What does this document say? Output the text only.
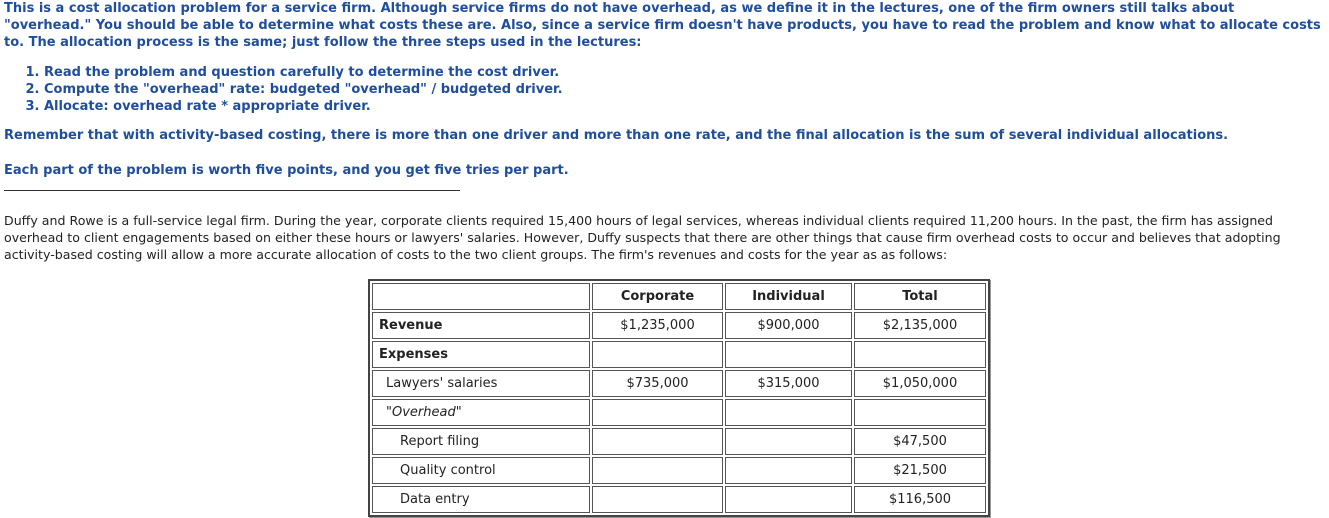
This is a cost allocation problem for a service firm. Although service firms do not have overhead, as we define it in the lectures, one of the firm owners still talks about "overhead." You should be able to determine what costs these are. Also, since a service firm doesn't have products, you have to read the problem and know what to allocate costs to. The allocation process is the same; just follow the three steps used in the lectures:

1. Read the problem and question carefully to determine the cost driver.
2. Compute the "overhead" rate: budgeted "overhead" / budgeted driver.
3. Allocate: overhead rate * appropriate driver.

Remember that with activity-based costing, there is more than one driver and more than one rate, and the final allocation is the sum of several individual allocations.

Each part of the problem is worth five points, and you get five tries per part.

Duffy and Rowe is a full-service legal firm. During the year, corporate clients required 15,400 hours of legal services, whereas individual clients required 11,200 hours. In the past, the firm has assigned overhead to client engagements based on either these hours or lawyers' salaries. However, Duffy suspects that there are other things that cause firm overhead costs to occur and believes that adopting activity-based costing will allow a more accurate allocation of costs to the two client groups. The firm's revenues and costs for the year as as follows:

	Corporate	Individual	Total
Revenue	$1,235,000	$900,000	$2,135,000
Expenses			
Lawyers' salaries	$735,000	$315,000	$1,050,000
"Overhead"			
Report filing			$47,500
Quality control			$21,500
Data entry			$116,500
